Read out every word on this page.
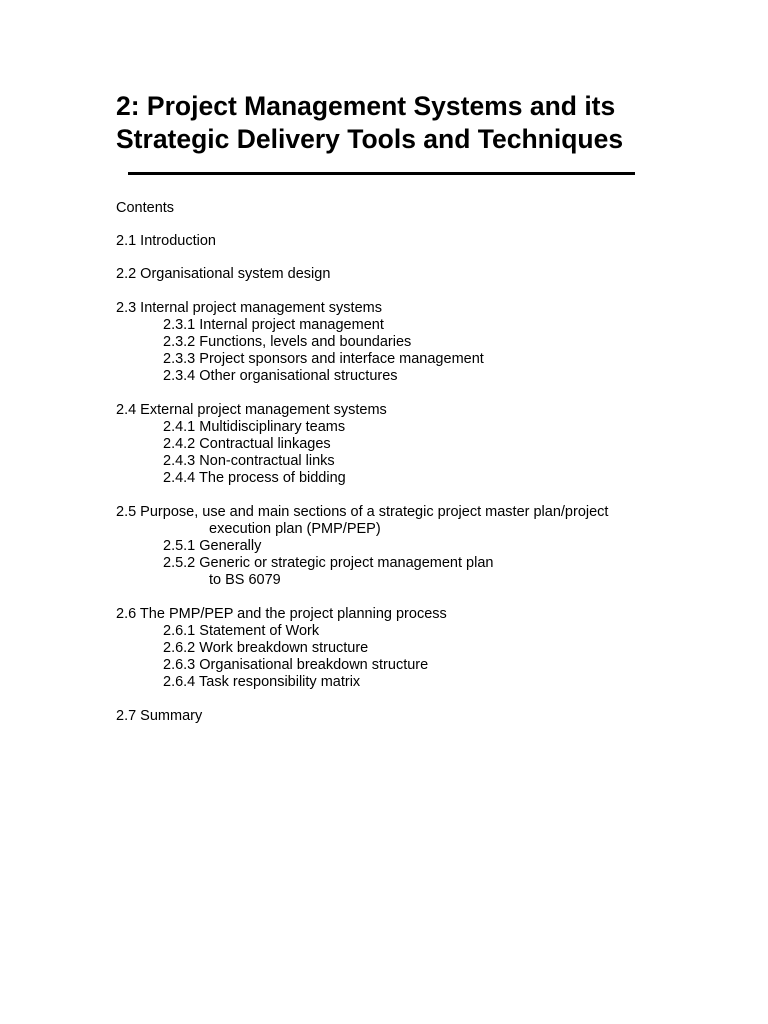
2: Project Management Systems and its
Strategic Delivery Tools and Techniques
Contents
2.1 Introduction
2.2 Organisational system design
2.3 Internal project management systems
2.3.1 Internal project management
2.3.2 Functions, levels and boundaries
2.3.3 Project sponsors and interface management
2.3.4 Other organisational structures
2.4 External project management systems
2.4.1 Multidisciplinary teams
2.4.2 Contractual linkages
2.4.3 Non-contractual links
2.4.4 The process of bidding
2.5 Purpose, use and main sections of a strategic project master plan/project
execution plan (PMP/PEP)
2.5.1 Generally
2.5.2 Generic or strategic project management plan
to BS 6079
2.6 The PMP/PEP and the project planning process
2.6.1 Statement of Work
2.6.2 Work breakdown structure
2.6.3 Organisational breakdown structure
2.6.4 Task responsibility matrix
2.7 Summary
